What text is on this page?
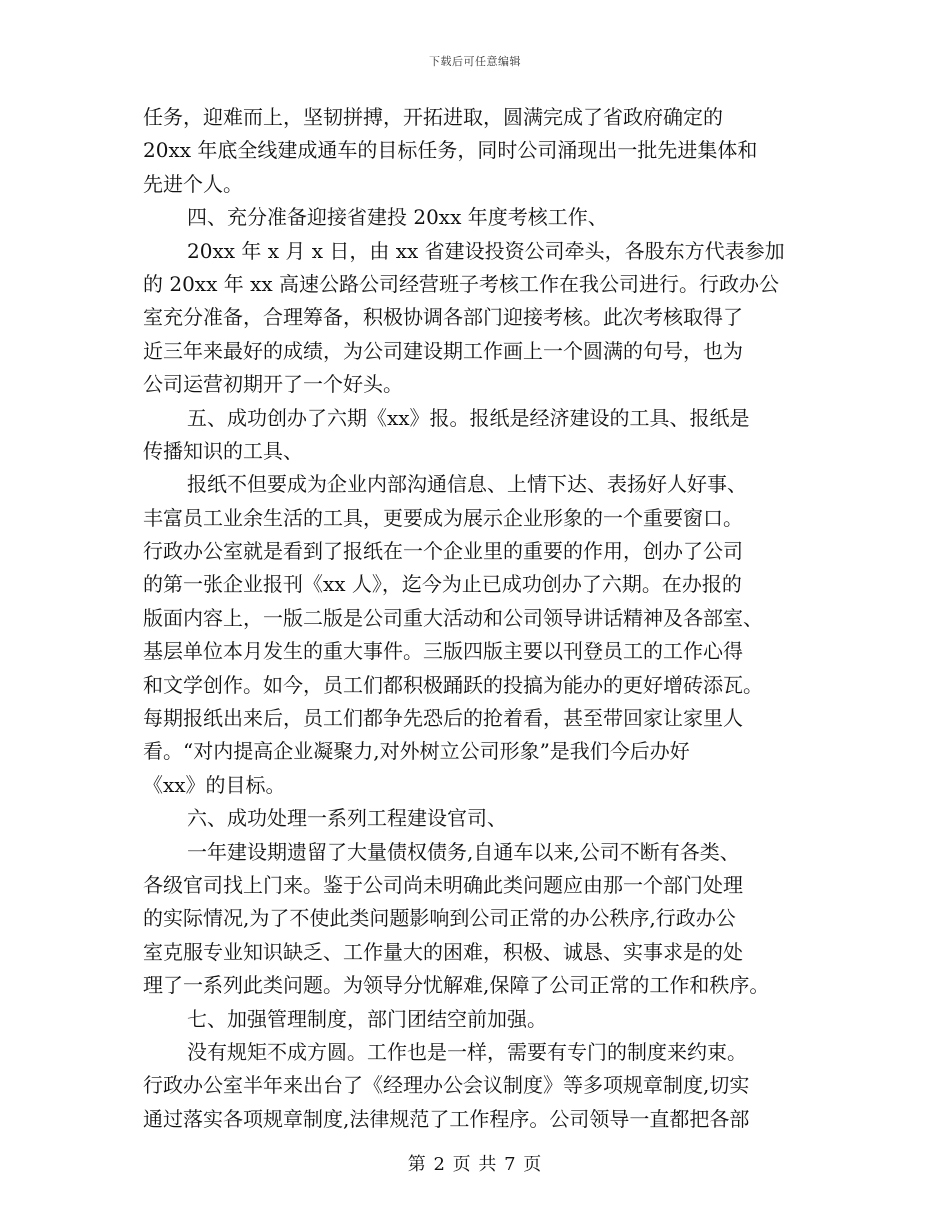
下载后可任意编辑
任务，迎难而上，坚韧拼搏，开拓进取，圆满完成了省政府确定的
20xx 年底全线建成通车的目标任务，同时公司涌现出一批先进集体和
先进个人。
四、充分准备迎接省建投 20xx 年度考核工作、
20xx 年 x 月 x 日，由 xx 省建设投资公司牵头，各股东方代表参加
的 20xx 年 xx 高速公路公司经营班子考核工作在我公司进行。行政办公
室充分准备，合理筹备，积极协调各部门迎接考核。此次考核取得了
近三年来最好的成绩，为公司建设期工作画上一个圆满的句号，也为
公司运营初期开了一个好头。
五、成功创办了六期《xx》报。报纸是经济建设的工具、报纸是
传播知识的工具、
报纸不但要成为企业内部沟通信息、上情下达、表扬好人好事、
丰富员工业余生活的工具，更要成为展示企业形象的一个重要窗口。
行政办公室就是看到了报纸在一个企业里的重要的作用，创办了公司
的第一张企业报刊《xx 人》，迄今为止已成功创办了六期。在办报的
版面内容上，一版二版是公司重大活动和公司领导讲话精神及各部室、
基层单位本月发生的重大事件。三版四版主要以刊登员工的工作心得
和文学创作。如今，员工们都积极踊跃的投搞为能办的更好增砖添瓦。
每期报纸出来后，员工们都争先恐后的抢着看，甚至带回家让家里人
看。“对内提高企业凝聚力,对外树立公司形象”是我们今后办好
《xx》的目标。
六、成功处理一系列工程建设官司、
一年建设期遗留了大量债权债务,自通车以来,公司不断有各类、
各级官司找上门来。鉴于公司尚未明确此类问题应由那一个部门处理
的实际情况,为了不使此类问题影响到公司正常的办公秩序,行政办公
室克服专业知识缺乏、工作量大的困难，积极、诚恳、实事求是的处
理了一系列此类问题。为领导分忧解难,保障了公司正常的工作和秩序。
七、加强管理制度，部门团结空前加强。
没有规矩不成方圆。工作也是一样，需要有专门的制度来约束。
行政办公室半年来出台了《经理办公会议制度》等多项规章制度,切实
通过落实各项规章制度,法律规范了工作程序。公司领导一直都把各部
第 2 页 共 7 页
